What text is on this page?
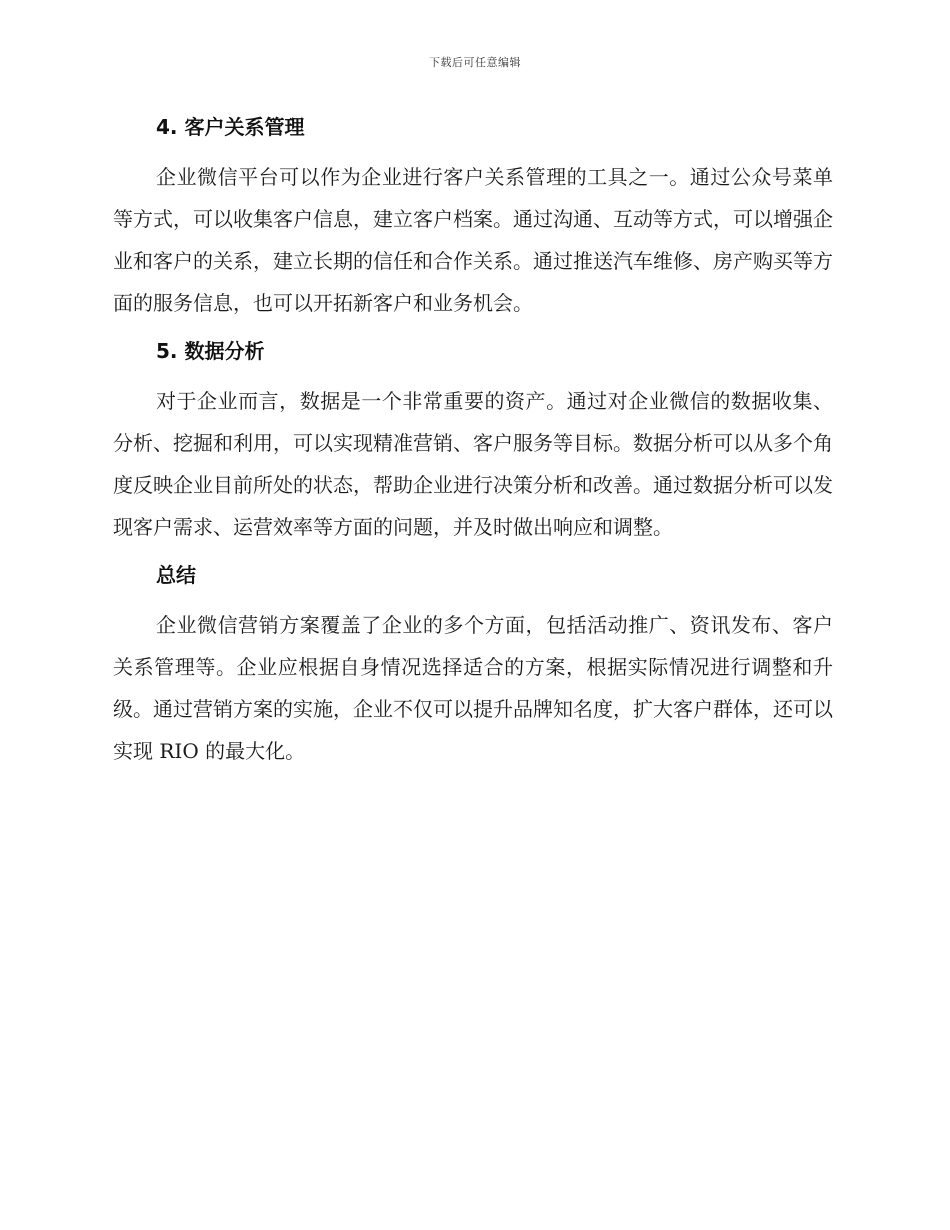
下载后可任意编辑
4. 客户关系管理

企业微信平台可以作为企业进行客户关系管理的工具之一。通过公众号菜单等方式，可以收集客户信息，建立客户档案。通过沟通、互动等方式，可以增强企业和客户的关系，建立长期的信任和合作关系。通过推送汽车维修、房产购买等方面的服务信息，也可以开拓新客户和业务机会。

5. 数据分析

对于企业而言，数据是一个非常重要的资产。通过对企业微信的数据收集、分析、挖掘和利用，可以实现精准营销、客户服务等目标。数据分析可以从多个角度反映企业目前所处的状态，帮助企业进行决策分析和改善。通过数据分析可以发现客户需求、运营效率等方面的问题，并及时做出响应和调整。

总结

企业微信营销方案覆盖了企业的多个方面，包括活动推广、资讯发布、客户关系管理等。企业应根据自身情况选择适合的方案，根据实际情况进行调整和升级。通过营销方案的实施，企业不仅可以提升品牌知名度，扩大客户群体，还可以实现 RIO 的最大化。
